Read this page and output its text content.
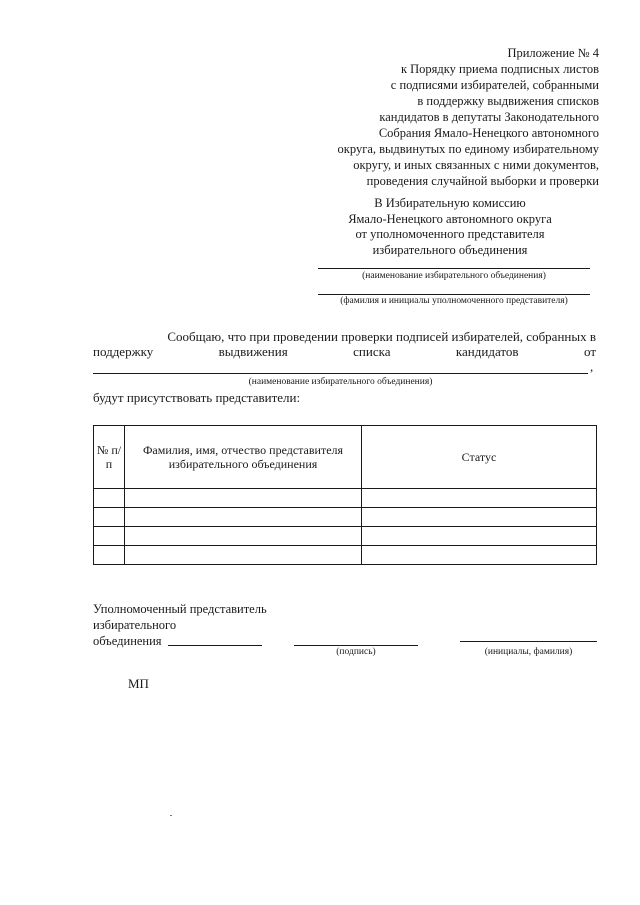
Приложение № 4
к Порядку приема подписных листов
с подписями избирателей, собранными
в поддержку выдвижения списков
кандидатов в депутаты Законодательного
Собрания Ямало-Ненецкого автономного
округа, выдвинутых по единому избирательному
округу, и иных связанных с ними документов,
проведения случайной выборки и проверки
В Избирательную комиссию
Ямало-Ненецкого автономного округа
от уполномоченного представителя
избирательного объединения
(наименование избирательного объединения)
(фамилия и инициалы уполномоченного представителя)
Сообщаю, что при проведении проверки подписей избирателей, собранных в
поддержку	выдвижения	списка	кандидатов	от
,
(наименование избирательного объединения)
будут присутствовать представители:
№ п/п	Фамилия, имя, отчество представителя избирательного объединения	Статус

Уполномоченный представитель
избирательного
объединения
(подпись)	(инициалы, фамилия)
МП
